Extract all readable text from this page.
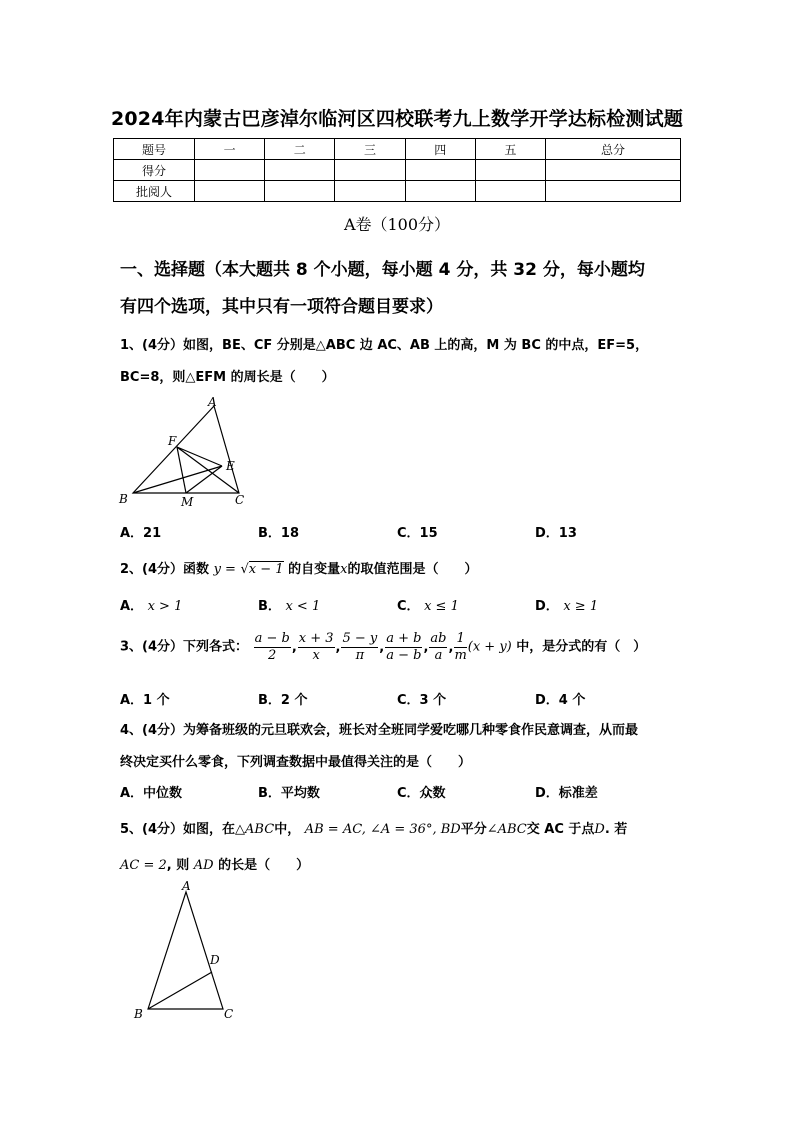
2024年内蒙古巴彦淖尔临河区四校联考九上数学开学达标检测试题
题号	一	二	三	四	五	总分
得分						
批阅人						
A卷（100分）
一、选择题（本大题共 8 个小题，每小题 4 分，共 32 分，每小题均
有四个选项，其中只有一项符合题目要求）
1、(4分）如图，BE、CF 分别是△ABC 边 AC、AB 上的高，M 为 BC 的中点，EF=5，
BC=8，则△EFM 的周长是（　　）
A
F
E
B	M	C
A．21	B．18	C．15	D．13
2、(4分）函数 y = √x − 1 的自变量x的取值范围是（　　）
A． x > 1	B． x < 1	C． x ≤ 1	D． x ≥ 1
3、(4分）下列各式： $\frac{a - b}{2}$ , $\frac{x + 3}{x}$ , $\frac{5 - y}{\pi}$ , $\frac{a + b}{a - b}$ , $\frac{ab}{a}$ , $\frac{1}{m} (x + y)$ 中，是分式的有（　）
A．1 个	B．2 个	C．3 个	D．4 个
4、(4分）为筹备班级的元旦联欢会，班长对全班同学爱吃哪几种零食作民意调查，从而最
终决定买什么零食，下列调查数据中最值得关注的是（　　）
A．中位数	B．平均数	C．众数	D．标准差
5、(4分）如图，在△ABC中， AB = AC, ∠A = 36°, BD平分∠ABC交 AC 于点D. 若
AC = 2, 则 AD 的长是（　　）
A
D
B	C
